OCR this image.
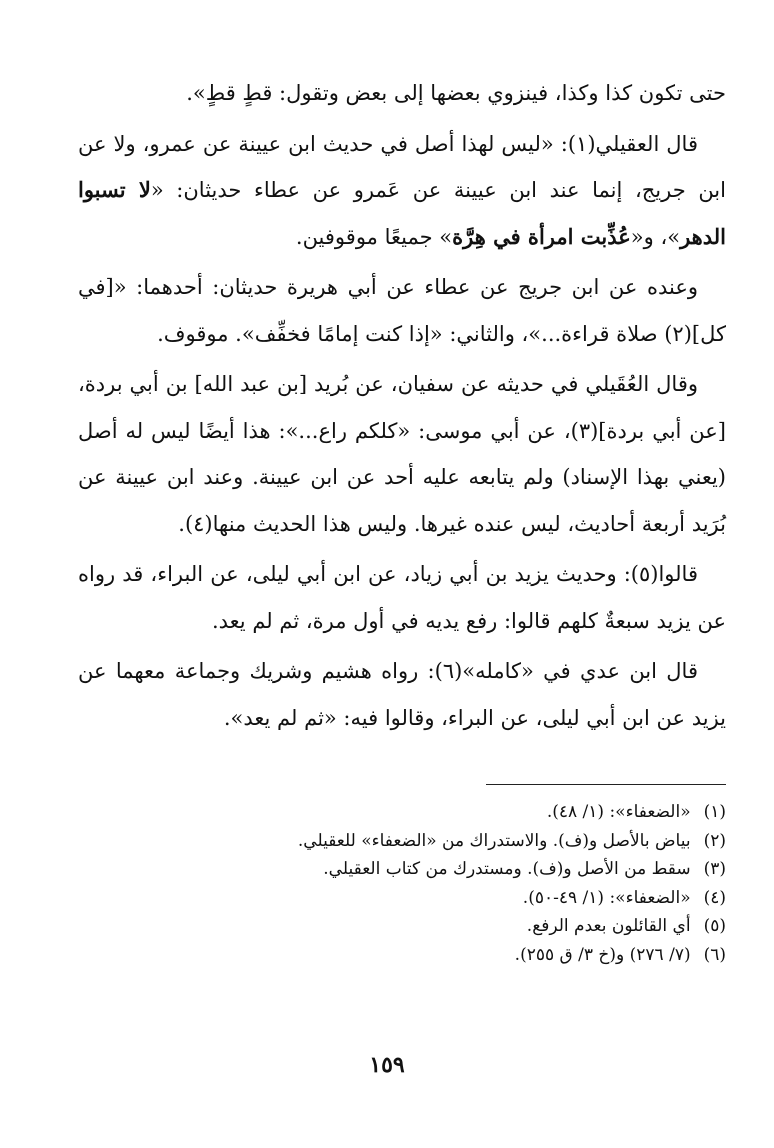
حتى تكون كذا وكذا، فينزوي بعضها إلى بعض وتقول: قطٍ قطٍ».

قال العقيلي(١): «ليس لهذا أصل في حديث ابن عيينة عن عمرو، ولا عن ابن جريج، إنما عند ابن عيينة عن عَمرو عن عطاء حديثان: «لا تسبوا الدهر»، و«عُذِّبت امرأة في هِرَّة» جميعًا موقوفين.

وعنده عن ابن جريج عن عطاء عن أبي هريرة حديثان: أحدهما: «[في كل](٢) صلاة قراءة...»، والثاني: «إذا كنت إمامًا فخفِّف». موقوف.

وقال العُقَيلي في حديثه عن سفيان، عن بُريد [بن عبد الله] بن أبي بردة، [عن أبي بردة](٣)، عن أبي موسى: «كلكم راع...»: هذا أيضًا ليس له أصل (يعني بهذا الإسناد) ولم يتابعه عليه أحد عن ابن عيينة. وعند ابن عيينة عن بُرَيد أربعة أحاديث، ليس عنده غيرها. وليس هذا الحديث منها(٤).

قالوا(٥): وحديث يزيد بن أبي زياد، عن ابن أبي ليلى، عن البراء، قد رواه عن يزيد سبعةٌ كلهم قالوا: رفع يديه في أول مرة، ثم لم يعد.

قال ابن عدي في «كامله»(٦): رواه هشيم وشريك وجماعة معهما عن يزيد عن ابن أبي ليلى، عن البراء، وقالوا فيه: «ثم لم يعد».

(١) «الضعفاء»: (١/ ٤٨).
(٢) بياض بالأصل و(ف). والاستدراك من «الضعفاء» للعقيلي.
(٣) سقط من الأصل و(ف). ومستدرك من كتاب العقيلي.
(٤) «الضعفاء»: (١/ ٤٩-٥٠).
(٥) أي القائلون بعدم الرفع.
(٦) (٧/ ٢٧٦) و(خ ٣/ ق ٢٥٥).
١٥٩
